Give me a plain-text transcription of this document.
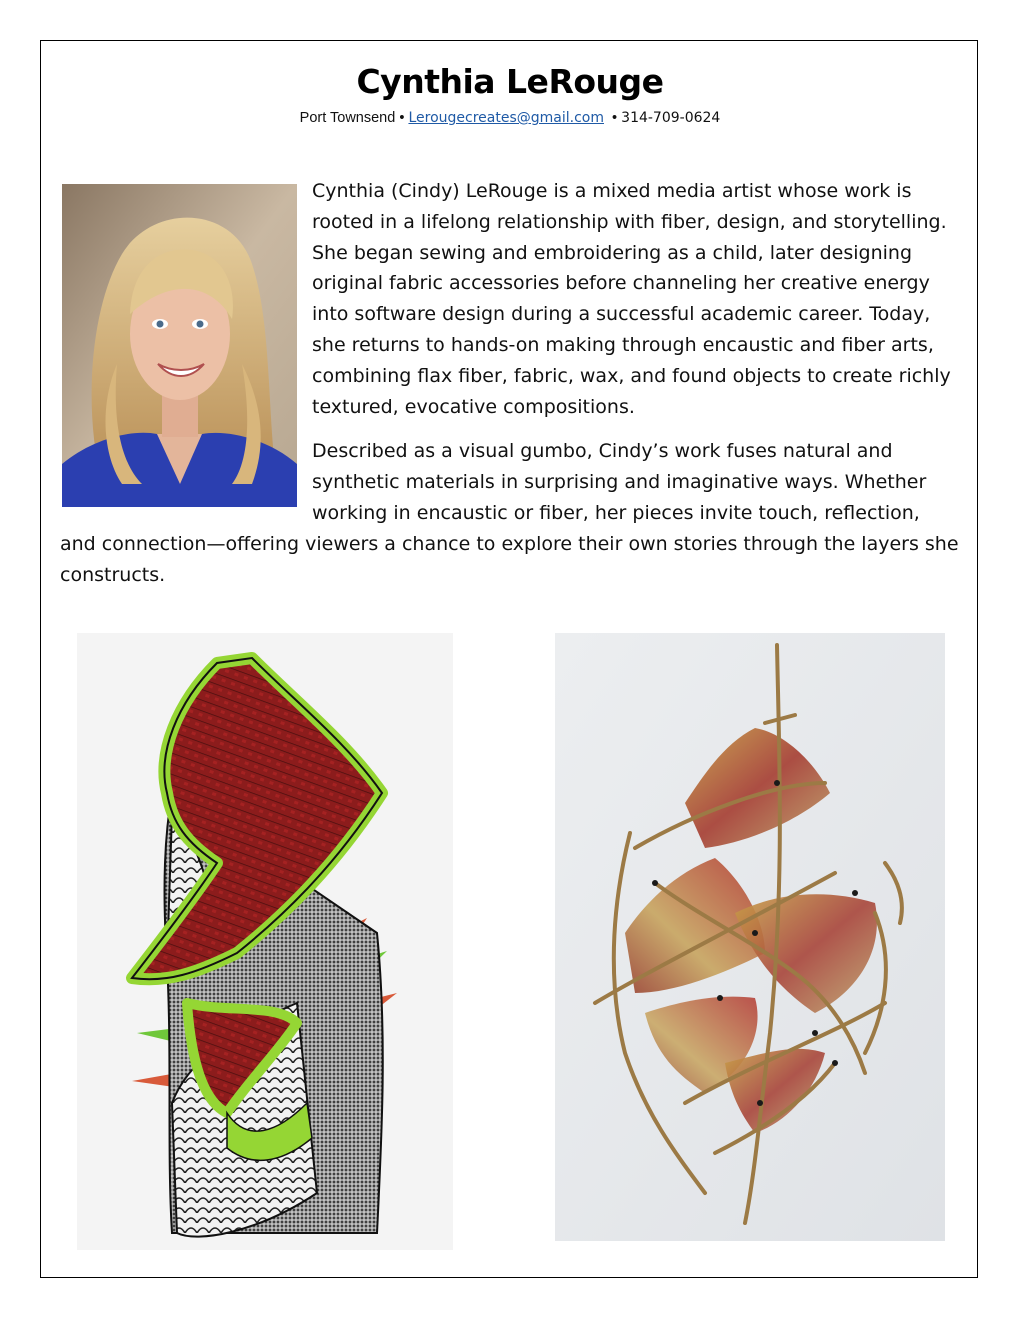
Cynthia LeRouge
Port Townsend • Lerougecreates@gmail.com • 314-709-0624

Cynthia (Cindy) LeRouge is a mixed media artist whose work is rooted in a lifelong relationship with fiber, design, and storytelling. She began sewing and embroidering as a child, later designing original fabric accessories before channeling her creative energy into software design during a successful academic career. Today, she returns to hands-on making through encaustic and fiber arts, combining flax fiber, fabric, wax, and found objects to create richly textured, evocative compositions.

Described as a visual gumbo, Cindy’s work fuses natural and synthetic materials in surprising and imaginative ways. Whether working in encaustic or fiber, her pieces invite touch, reflection, and connection—offering viewers a chance to explore their own stories through the layers she constructs.
